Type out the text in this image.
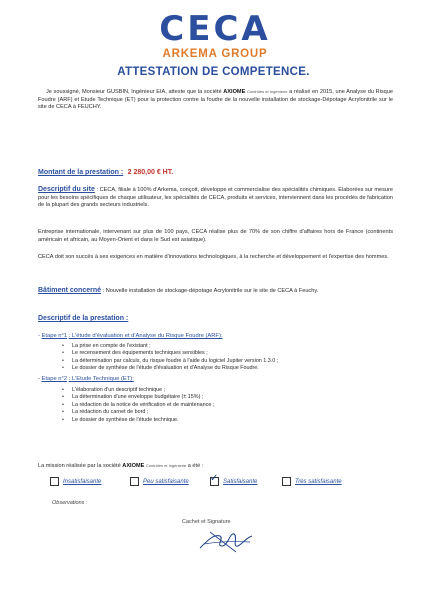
CECA
ARKEMA GROUP
ATTESTATION DE COMPETENCE.
Je soussigné, Monsieur GUSBIN, Ingénieur EIA, atteste que la société AXIOME Contrôles et Ingénierie a réalisé en 2015, une Analyse du Risque Foudre (ARF) et Etude Technique (ET) pour la protection contre la foudre de la nouvelle installation de stockage-Dépotage Acrylonitrile sur le site de CECA à FEUCHY.
Montant de la prestation : 2 280,00 € HT.
Descriptif du site : CECA, filiale à 100% d'Arkema, conçoit, développe et commercialise des spécialités chimiques. Elaborées sur mesure pour les besoins spécifiques de chaque utilisateur, les spécialités de CECA, produits et services, interviennent dans les procédés de fabrication de la plupart des grands secteurs industriels.
Entreprise internationale, intervenant sur plus de 100 pays, CECA réalise plus de 70% de son chiffre d'affaires hors de France (continents américain et africain, au Moyen-Orient et dans le Sud est asiatique).
CECA doit son succès à ses exigences en matière d'innovations technologiques, à la recherche et développement et l'expertise des hommes.
Bâtiment concerné : Nouvelle installation de stockage-dépotage Acrylonitrile sur le site de CECA à Feuchy.
Descriptif de la prestation :
- Etape n°1 : L'étude d'évaluation et d'Analyse du Risque Foudre (ARF):
• La prise en compte de l'existant ;
• Le recensement des équipements techniques sensibles ;
• La détermination par calculs, du risque foudre à l'aide du logiciel Jupiter version 1.3.0 ;
• Le dossier de synthèse de l'étude d'évaluation et d'Analyse du Risque Foudre.
- Etape n°2 : L'Etude Technique (ET):
• L'élaboration d'un descriptif technique ;
• La détermination d'une enveloppe budgétaire (± 15%) ;
• La rédaction de la notice de vérification et de maintenance ;
• La rédaction du carnet de bord ;
• Le dossier de synthèse de l'étude technique.
La mission réalisée par la société AXIOME Contrôles et Ingénierie a été :
Insatisfaisante	Peu satisfaisante
✓	Satisfaisante	Très satisfaisante
Observations :
Cachet et Signature
